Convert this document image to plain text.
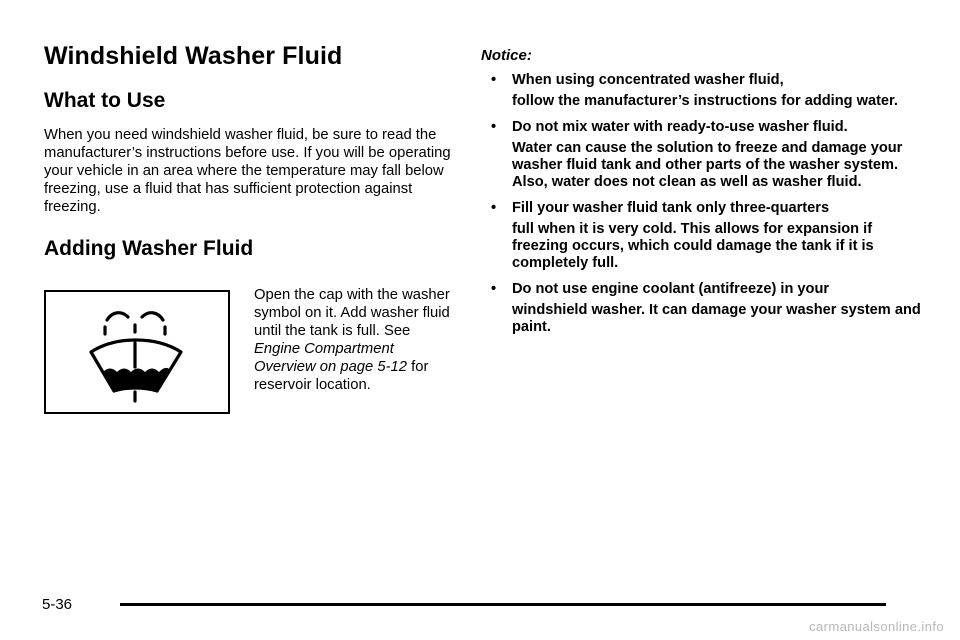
Windshield Washer Fluid
What to Use
When you need windshield washer fluid, be sure to read the manufacturer’s instructions before use. If you will be operating your vehicle in an area where the temperature may fall below freezing, use a fluid that has sufficient protection against freezing.
Adding Washer Fluid
Open the cap with the washer symbol on it. Add washer fluid until the tank is full. See Engine Compartment Overview on page 5-12 for reservoir location.
Notice:
• When using concentrated washer fluid,
follow the manufacturer’s instructions for adding water.
• Do not mix water with ready-to-use washer fluid.
Water can cause the solution to freeze and damage your washer fluid tank and other parts of the washer system. Also, water does not clean as well as washer fluid.
• Fill your washer fluid tank only three-quarters
full when it is very cold. This allows for expansion if freezing occurs, which could damage the tank if it is completely full.
• Do not use engine coolant (antifreeze) in your
windshield washer. It can damage your washer system and paint.
5-36
carmanualsonline.info
